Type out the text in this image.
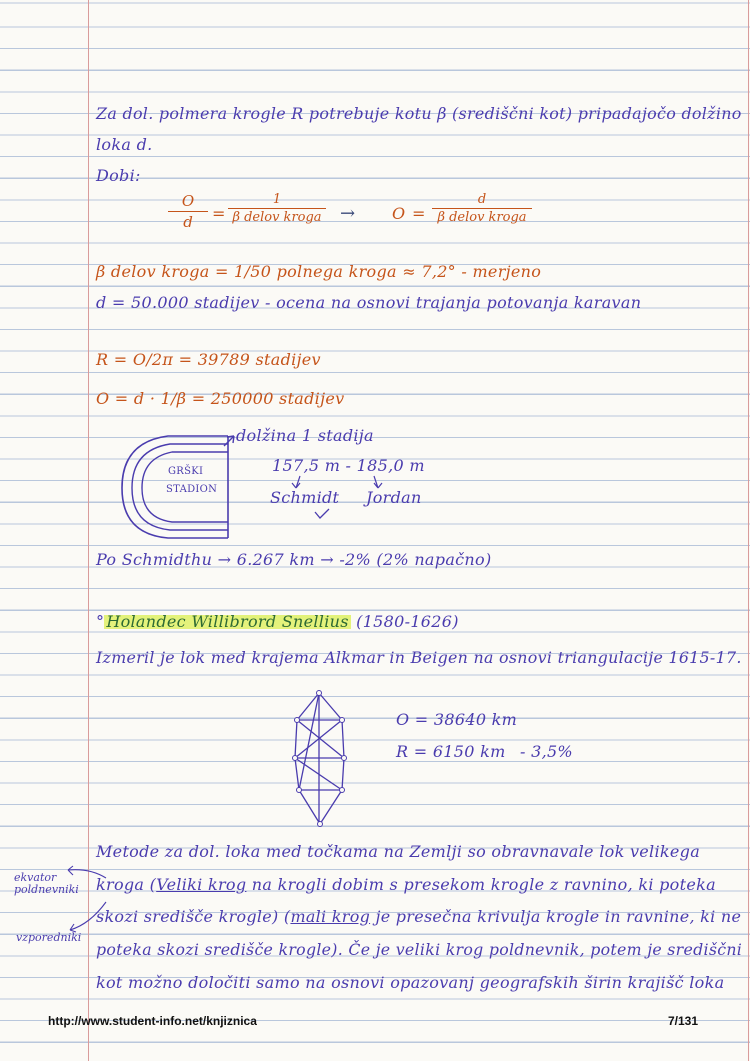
Za dol. polmera krogle R potrebuje kotu β (središčni kot) pripadajočo dolžino
loka d.
Dobi:
O
d =
1
β delov kroga → O =
d
β delov kroga
β delov kroga = 1/50 polnega kroga ≈ 7,2° - merjeno
d = 50.000 stadijev - ocena na osnovi trajanja potovanja karavan
R = O/2π = 39789 stadijev
O = d · 1/β = 250000 stadijev
GRŠKI
STADION
dolžina 1 stadija
157,5 m - 185,0 m
Schmidt Jordan
Po Schmidthu → 6.267 km → -2% (2% napačno)
° Holandec Willibrord Snellius (1580-1626)
Izmeril je lok med krajema Alkmar in Beigen na osnovi triangulacije 1615-17.
O = 38640 km
R = 6150 km - 3,5%
Metode za dol. loka med točkama na Zemlji so obravnavale lok velikega
kroga (Veliki krog na krogli dobim s presekom krogle z ravnino, ki poteka
skozi središče krogle) (mali krog je presečna krivulja krogle in ravnine, ki ne
poteka skozi središče krogle). Če je veliki krog poldnevnik, potem je središčni
kot možno določiti samo na osnovi opazovanj geografskih širin krajišč loka
ekvator
poldnevniki
vzporedniki
http://www.student-info.net/knjiznica	7/131
